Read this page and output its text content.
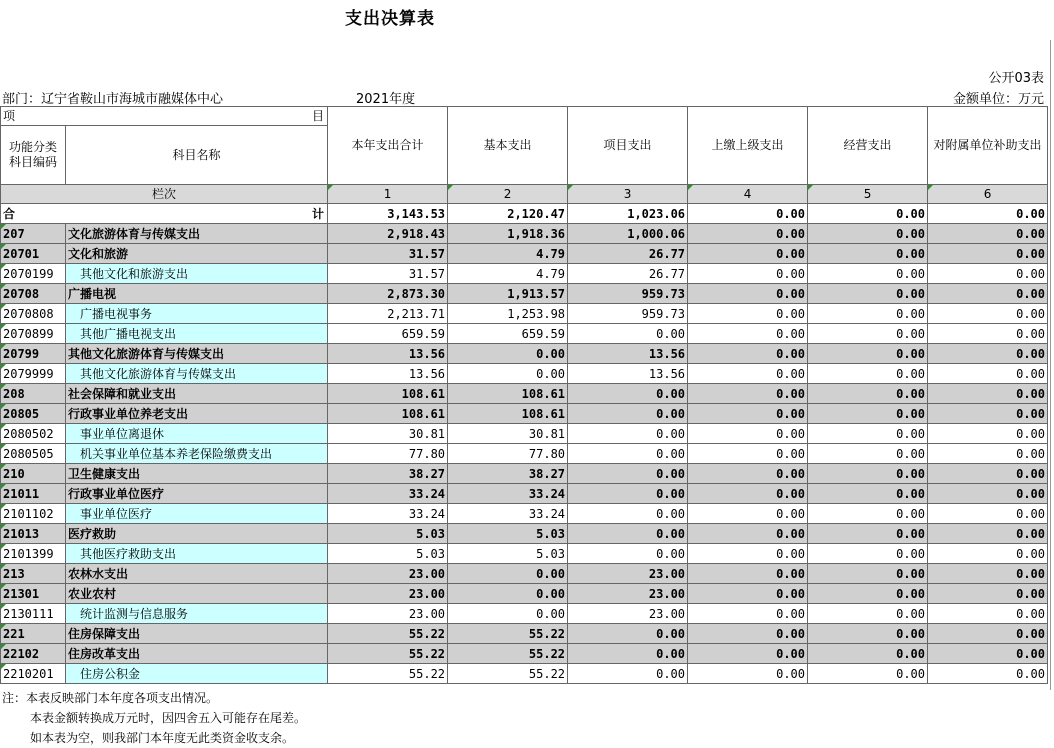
支出决算表
公开03表
部门：辽宁省鞍山市海城市融媒体中心	2021年度	金额单位：万元
项 目		本年支出合计	基本支出	项目支出	上缴上级支出	经营支出	对附属单位补助支出
功能分类
科目编码	科目名称						
栏次		1	2	3	4	5	6
合 计		3,143.53	2,120.47	1,023.06	0.00	0.00	0.00
207	文化旅游体育与传媒支出	2,918.43	1,918.36	1,000.06	0.00	0.00	0.00
20701	文化和旅游	31.57	4.79	26.77	0.00	0.00	0.00
2070199	其他文化和旅游支出	31.57	4.79	26.77	0.00	0.00	0.00
20708	广播电视	2,873.30	1,913.57	959.73	0.00	0.00	0.00
2070808	广播电视事务	2,213.71	1,253.98	959.73	0.00	0.00	0.00
2070899	其他广播电视支出	659.59	659.59	0.00	0.00	0.00	0.00
20799	其他文化旅游体育与传媒支出	13.56	0.00	13.56	0.00	0.00	0.00
2079999	其他文化旅游体育与传媒支出	13.56	0.00	13.56	0.00	0.00	0.00
208	社会保障和就业支出	108.61	108.61	0.00	0.00	0.00	0.00
20805	行政事业单位养老支出	108.61	108.61	0.00	0.00	0.00	0.00
2080502	事业单位离退休	30.81	30.81	0.00	0.00	0.00	0.00
2080505	机关事业单位基本养老保险缴费支出	77.80	77.80	0.00	0.00	0.00	0.00
210	卫生健康支出	38.27	38.27	0.00	0.00	0.00	0.00
21011	行政事业单位医疗	33.24	33.24	0.00	0.00	0.00	0.00
2101102	事业单位医疗	33.24	33.24	0.00	0.00	0.00	0.00
21013	医疗救助	5.03	5.03	0.00	0.00	0.00	0.00
2101399	其他医疗救助支出	5.03	5.03	0.00	0.00	0.00	0.00
213	农林水支出	23.00	0.00	23.00	0.00	0.00	0.00
21301	农业农村	23.00	0.00	23.00	0.00	0.00	0.00
2130111	统计监测与信息服务	23.00	0.00	23.00	0.00	0.00	0.00
221	住房保障支出	55.22	55.22	0.00	0.00	0.00	0.00
22102	住房改革支出	55.22	55.22	0.00	0.00	0.00	0.00
2210201	住房公积金	55.22	55.22	0.00	0.00	0.00	0.00
注：本表反映部门本年度各项支出情况。
本表金额转换成万元时，因四舍五入可能存在尾差。
如本表为空，则我部门本年度无此类资金收支余。
